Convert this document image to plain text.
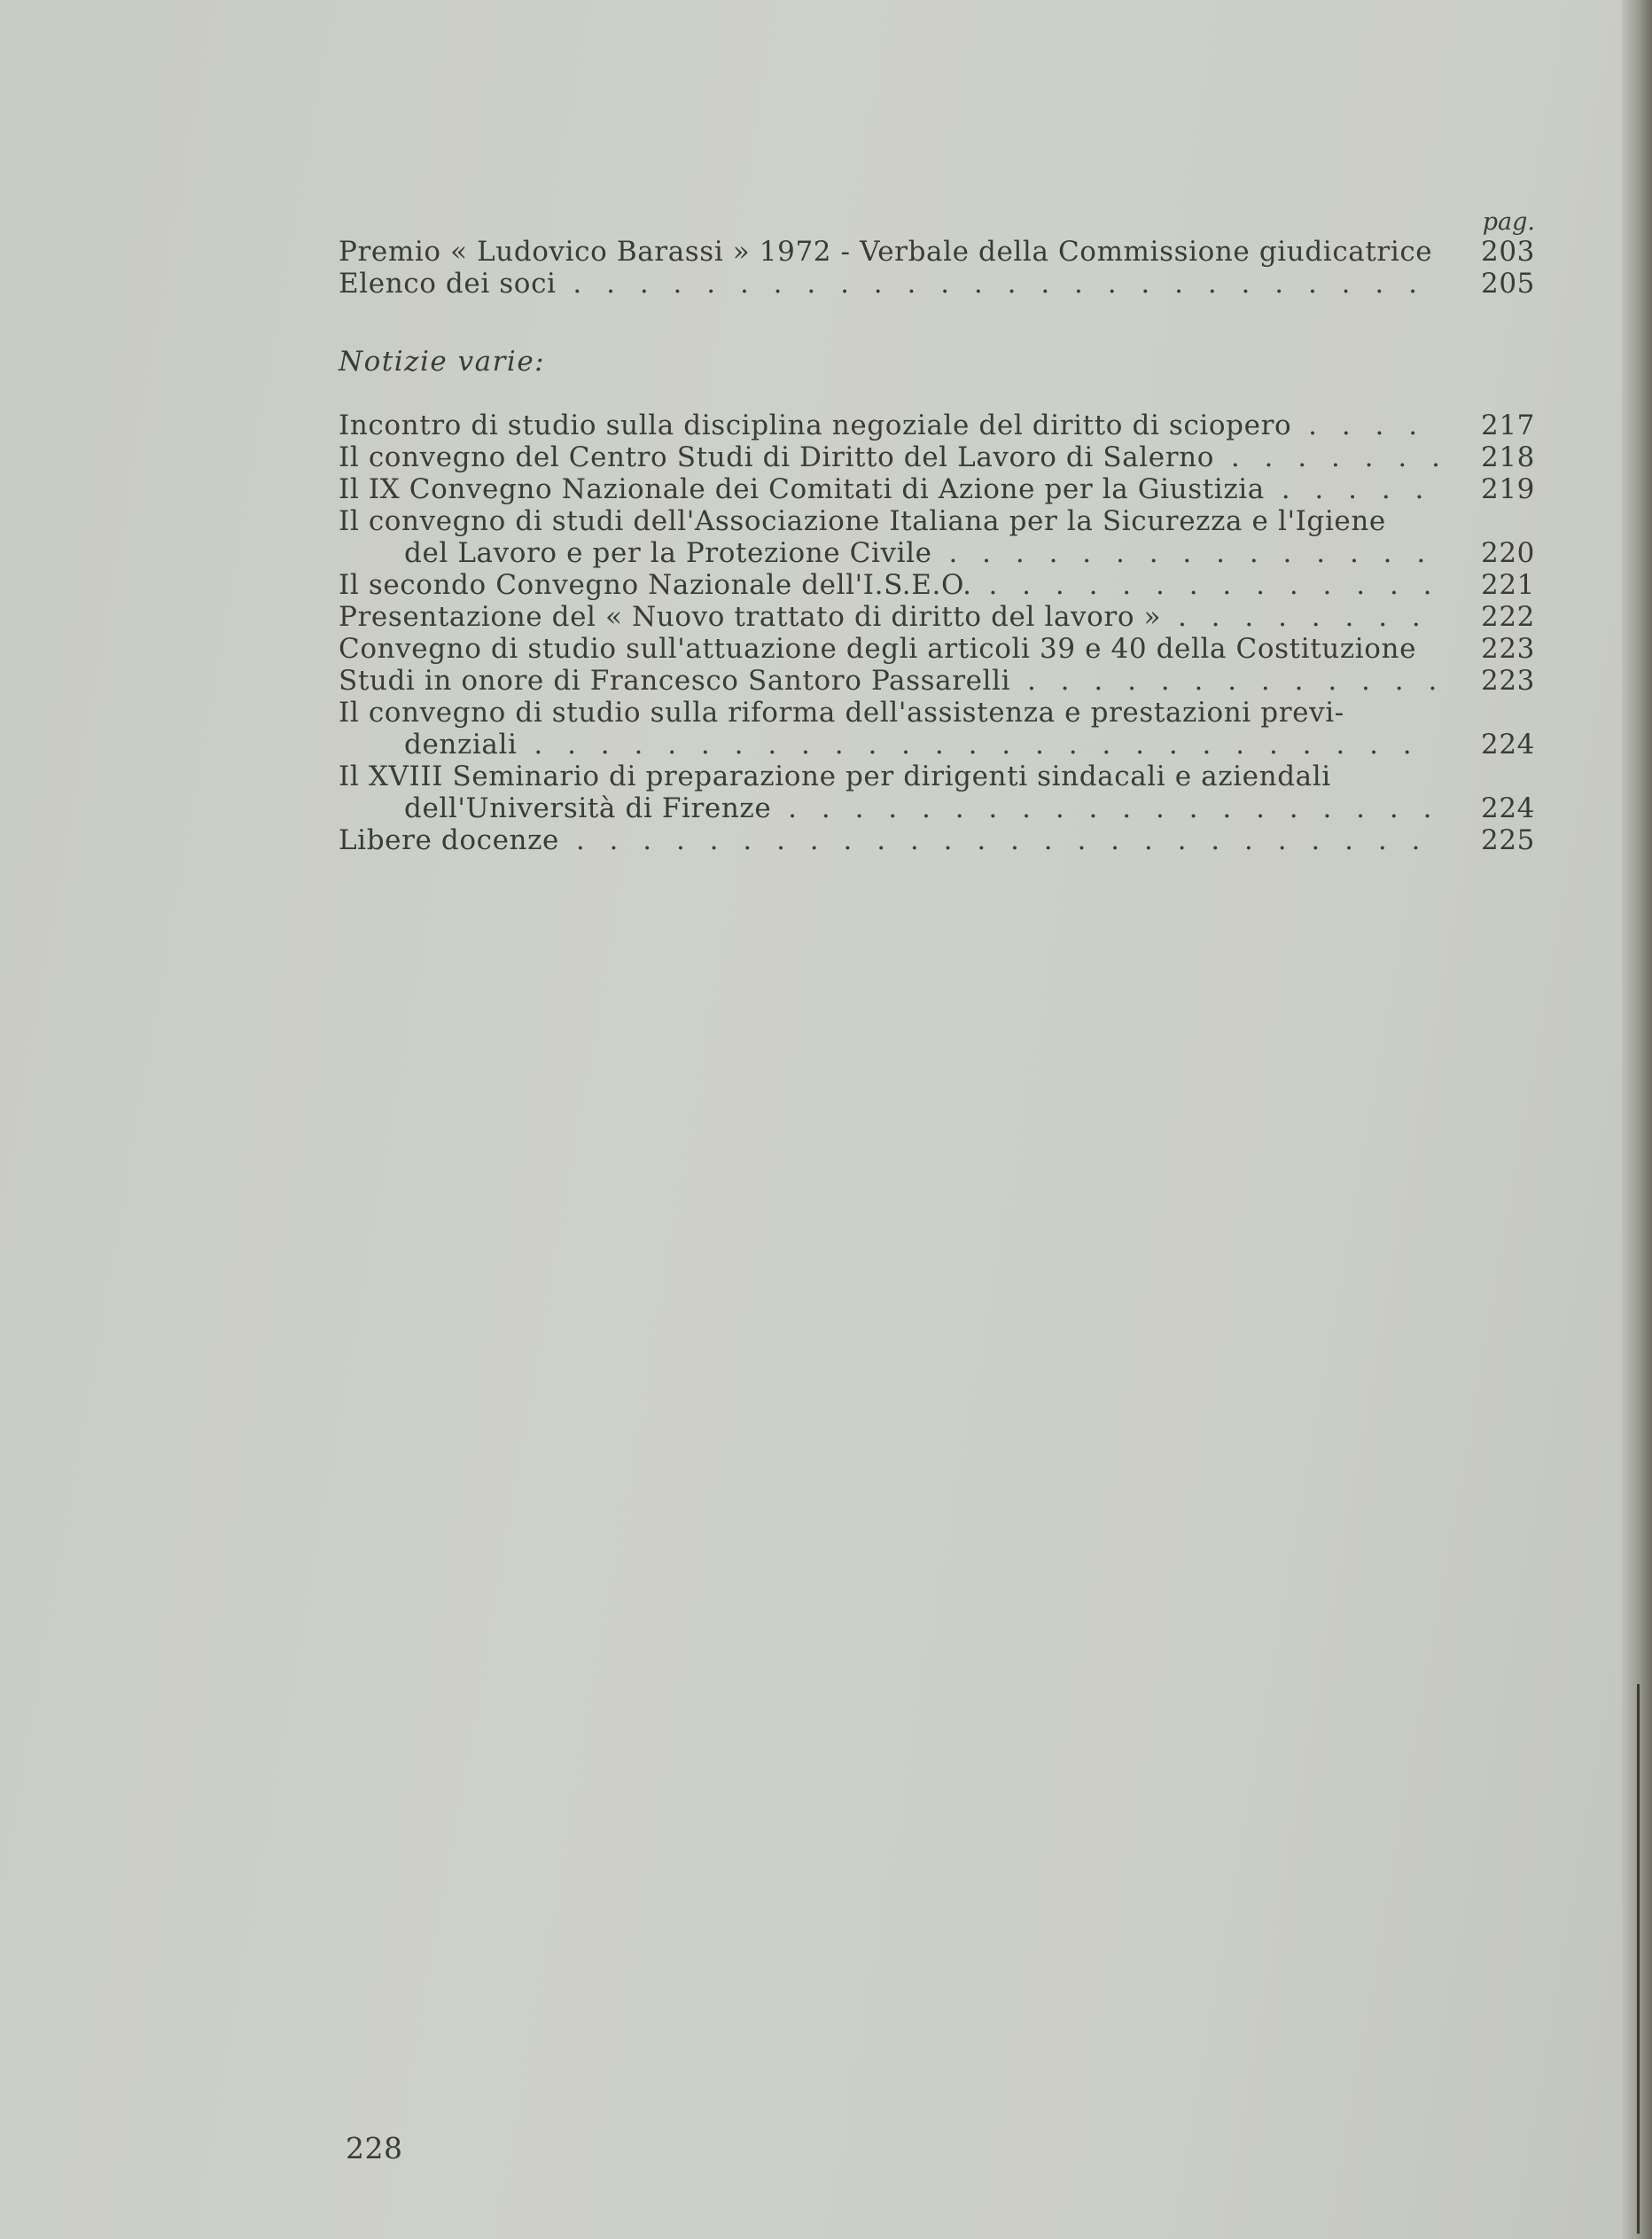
pag.
Premio « Ludovico Barassi » 1972 - Verbale della Commissione giudicatrice	203
Elenco dei soci . . .	205
Notizie varie:
Incontro di studio sulla disciplina negoziale del diritto di sciopero . . .	217
Il convegno del Centro Studi di Diritto del Lavoro di Salerno . . .	218
Il IX Convegno Nazionale dei Comitati di Azione per la Giustizia . . .	219
Il convegno di studi dell'Associazione Italiana per la Sicurezza e l'Igiene
del Lavoro e per la Protezione Civile . . .	220
Il secondo Convegno Nazionale dell'I.S.E.O. . . .	221
Presentazione del « Nuovo trattato di diritto del lavoro » . . .	222
Convegno di studio sull'attuazione degli articoli 39 e 40 della Costituzione	223
Studi in onore di Francesco Santoro Passarelli . . .	223
Il convegno di studio sulla riforma dell'assistenza e prestazioni previ-
denziali . . .	224
Il XVIII Seminario di preparazione per dirigenti sindacali e aziendali
dell'Università di Firenze . . .	224
Libere docenze . . .	225
228
